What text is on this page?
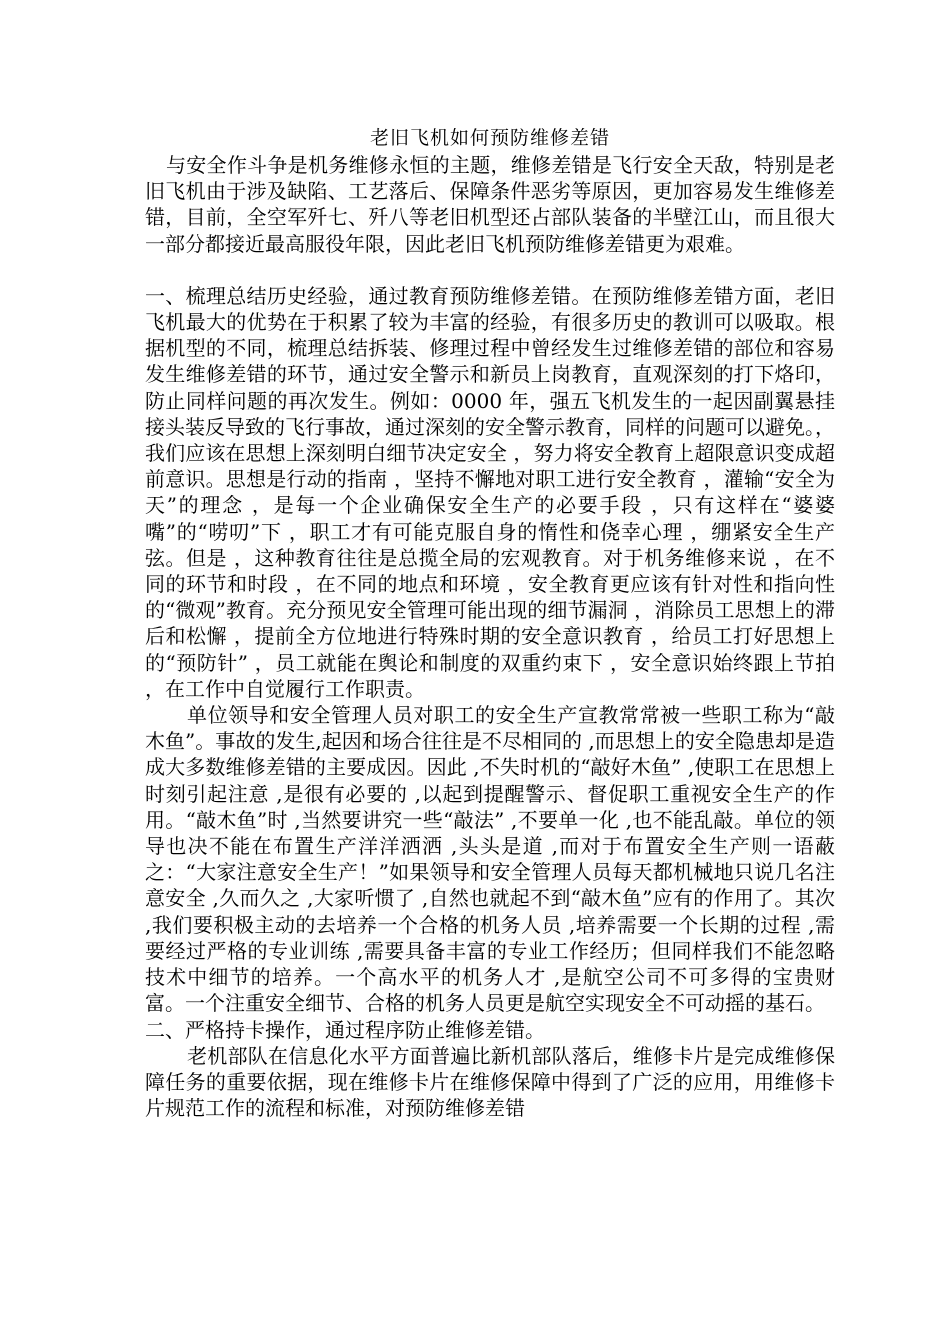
老旧飞机如何预防维修差错

与安全作斗争是机务维修永恒的主题，维修差错是飞行安全天敌，特别是老旧飞机由于涉及缺陷、工艺落后、保障条件恶劣等原因，更加容易发生维修差错，目前，全空军歼七、歼八等老旧机型还占部队装备的半壁江山，而且很大一部分都接近最高服役年限，因此老旧飞机预防维修差错更为艰难。

一、梳理总结历史经验，通过教育预防维修差错。在预防维修差错方面，老旧飞机最大的优势在于积累了较为丰富的经验，有很多历史的教训可以吸取。根据机型的不同，梳理总结拆装、修理过程中曾经发生过维修差错的部位和容易发生维修差错的环节，通过安全警示和新员上岗教育，直观深刻的打下烙印，防止同样问题的再次发生。例如：0000 年，强五飞机发生的一起因副翼悬挂接头装反导致的飞行事故，通过深刻的安全警示教育，同样的问题可以避免。，我们应该在思想上深刻明白细节决定安全 ，努力将安全教育上超限意识变成超前意识。思想是行动的指南 ，坚持不懈地对职工进行安全教育 ，灌输“安全为天”的理念 ，是每一个企业确保安全生产的必要手段 ，只有这样在“婆婆嘴”的“唠叨”下 ，职工才有可能克服自身的惰性和侥幸心理 ，绷紧安全生产弦。但是 ，这种教育往往是总揽全局的宏观教育。对于机务维修来说 ，在不同的环节和时段 ，在不同的地点和环境 ，安全教育更应该有针对性和指向性的“微观”教育。充分预见安全管理可能出现的细节漏洞 ，消除员工思想上的滞后和松懈 ，提前全方位地进行特殊时期的安全意识教育 ，给员工打好思想上的“预防针” ，员工就能在舆论和制度的双重约束下 ，安全意识始终跟上节拍 ，在工作中自觉履行工作职责。

单位领导和安全管理人员对职工的安全生产宣教常常被一些职工称为“敲木鱼”。事故的发生,起因和场合往往是不尽相同的 ,而思想上的安全隐患却是造成大多数维修差错的主要成因。因此 ,不失时机的“敲好木鱼” ,使职工在思想上时刻引起注意 ,是很有必要的 ,以起到提醒警示、督促职工重视安全生产的作用。“敲木鱼”时 ,当然要讲究一些“敲法” ,不要单一化 ,也不能乱敲。单位的领导也决不能在布置生产洋洋洒洒 ,头头是道 ,而对于布置安全生产则一语蔽之：“大家注意安全生产！”如果领导和安全管理人员每天都机械地只说几名注意安全 ,久而久之 ,大家听惯了 ,自然也就起不到“敲木鱼”应有的作用了。其次 ,我们要积极主动的去培养一个合格的机务人员 ,培养需要一个长期的过程 ,需要经过严格的专业训练 ,需要具备丰富的专业工作经历；但同样我们不能忽略技术中细节的培养。一个高水平的机务人才 ,是航空公司不可多得的宝贵财富。一个注重安全细节、合格的机务人员更是航空实现安全不可动摇的基石。

二、严格持卡操作，通过程序防止维修差错。

老机部队在信息化水平方面普遍比新机部队落后，维修卡片是完成维修保障任务的重要依据，现在维修卡片在维修保障中得到了广泛的应用，用维修卡片规范工作的流程和标准，对预防维修差错
